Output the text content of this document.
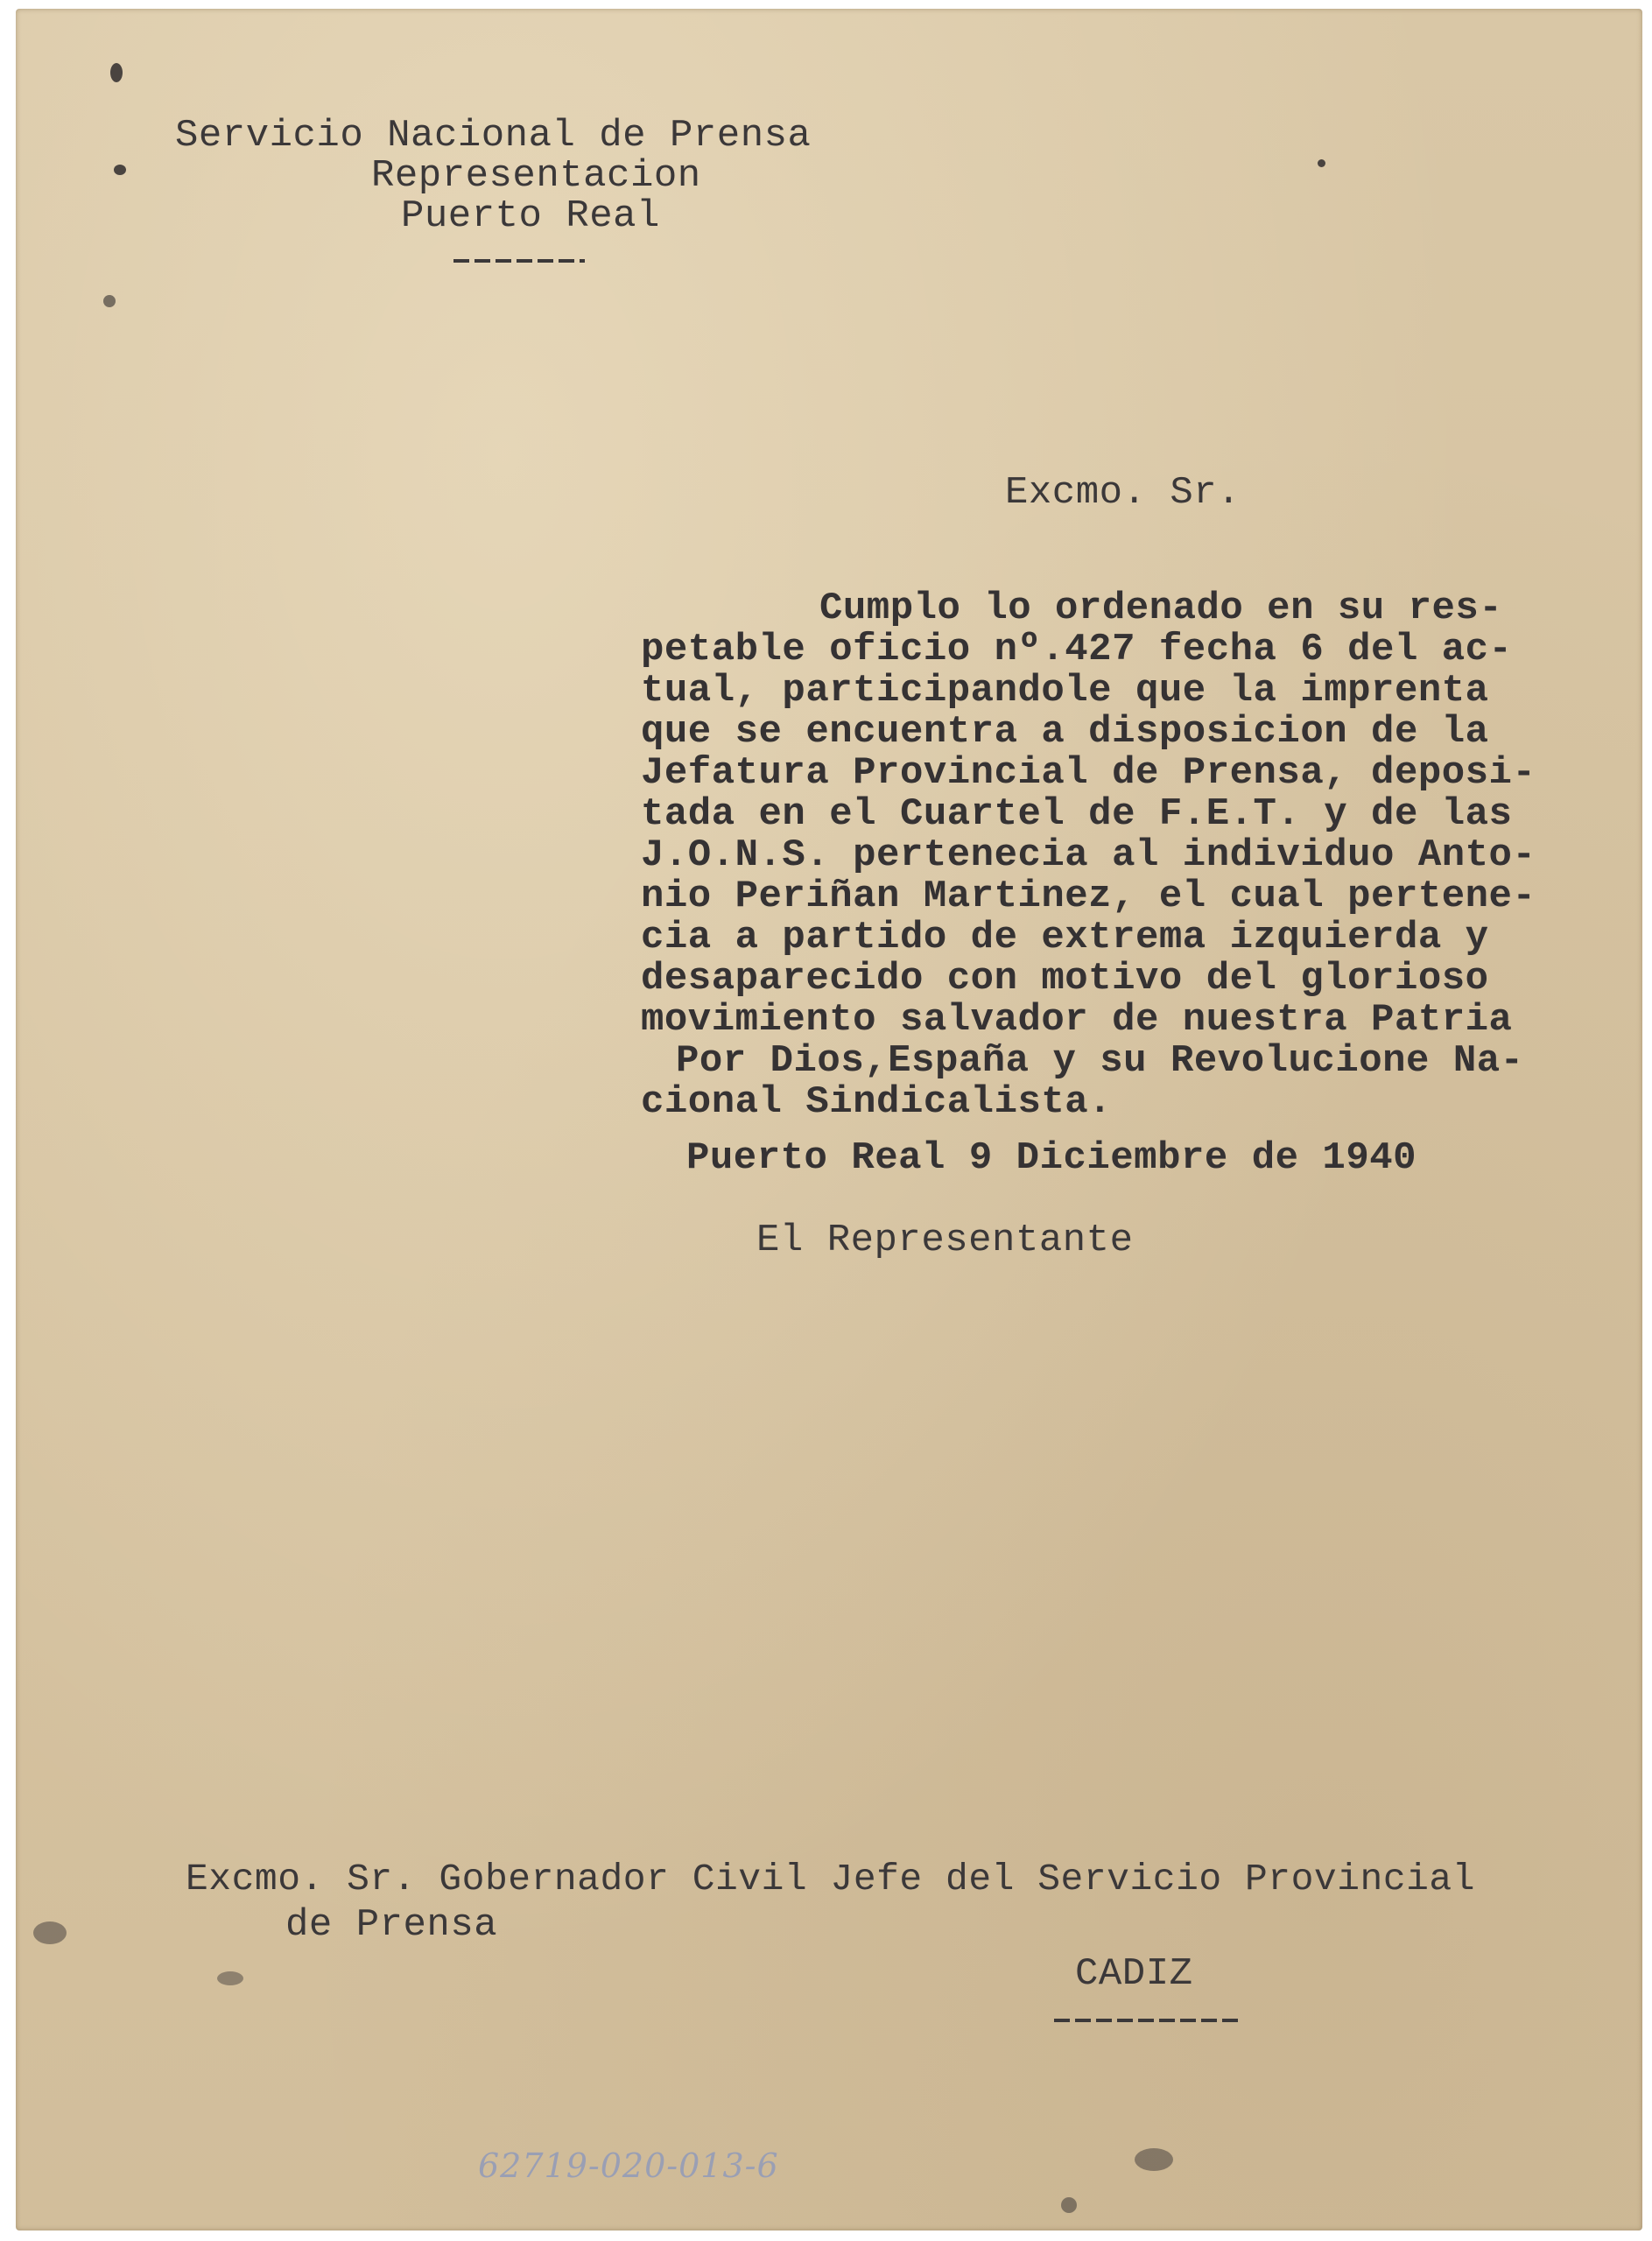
Servicio Nacional de Prensa

Representacion

Puerto Real

Excmo. Sr.

Cumplo lo ordenado en su res-

petable oficio nº.427 fecha 6 del ac-

tual, participandole que la imprenta

que se encuentra a disposicion de la

Jefatura Provincial de Prensa, deposi-

tada en el Cuartel de F.E.T. y de las

J.O.N.S. pertenecia al individuo Anto-

nio Periñan Martinez, el cual pertene-

cia a partido de extrema izquierda y

desaparecido con motivo del glorioso

movimiento salvador de nuestra Patria

Por Dios,España y su Revolucione Na-

cional Sindicalista.

Puerto Real 9 Diciembre de 1940

El Representante

Excmo. Sr. Gobernador Civil Jefe del Servicio Provincial

de Prensa

CADIZ

62719-020-013-6
